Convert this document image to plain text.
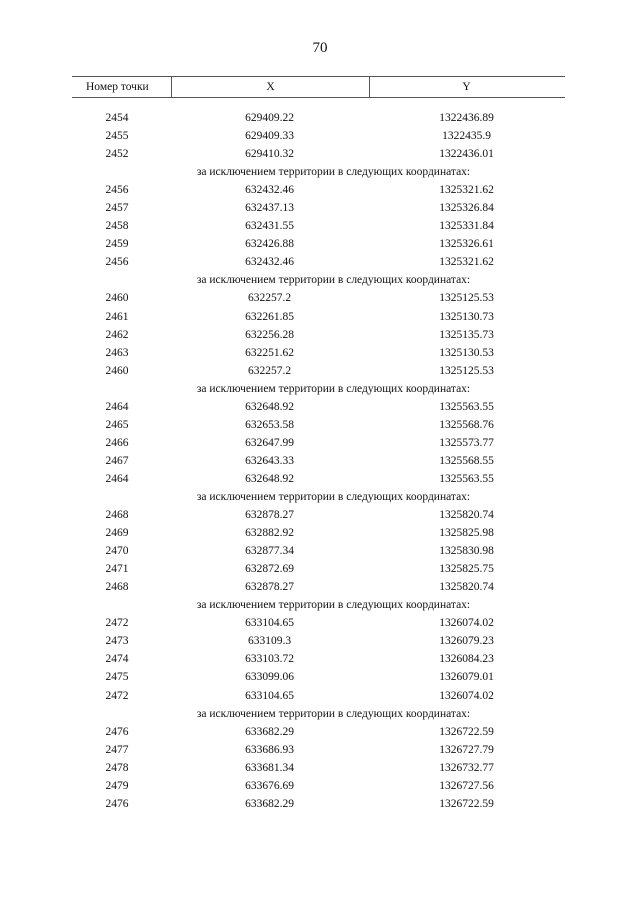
70
Номер точки	X	Y
2454	629409.22	1322436.89
2455	629409.33	1322435.9
2452	629410.32	1322436.01
за исключением территории в следующих координатах:
2456	632432.46	1325321.62
2457	632437.13	1325326.84
2458	632431.55	1325331.84
2459	632426.88	1325326.61
2456	632432.46	1325321.62
за исключением территории в следующих координатах:
2460	632257.2	1325125.53
2461	632261.85	1325130.73
2462	632256.28	1325135.73
2463	632251.62	1325130.53
2460	632257.2	1325125.53
за исключением территории в следующих координатах:
2464	632648.92	1325563.55
2465	632653.58	1325568.76
2466	632647.99	1325573.77
2467	632643.33	1325568.55
2464	632648.92	1325563.55
за исключением территории в следующих координатах:
2468	632878.27	1325820.74
2469	632882.92	1325825.98
2470	632877.34	1325830.98
2471	632872.69	1325825.75
2468	632878.27	1325820.74
за исключением территории в следующих координатах:
2472	633104.65	1326074.02
2473	633109.3	1326079.23
2474	633103.72	1326084.23
2475	633099.06	1326079.01
2472	633104.65	1326074.02
за исключением территории в следующих координатах:
2476	633682.29	1326722.59
2477	633686.93	1326727.79
2478	633681.34	1326732.77
2479	633676.69	1326727.56
2476	633682.29	1326722.59
